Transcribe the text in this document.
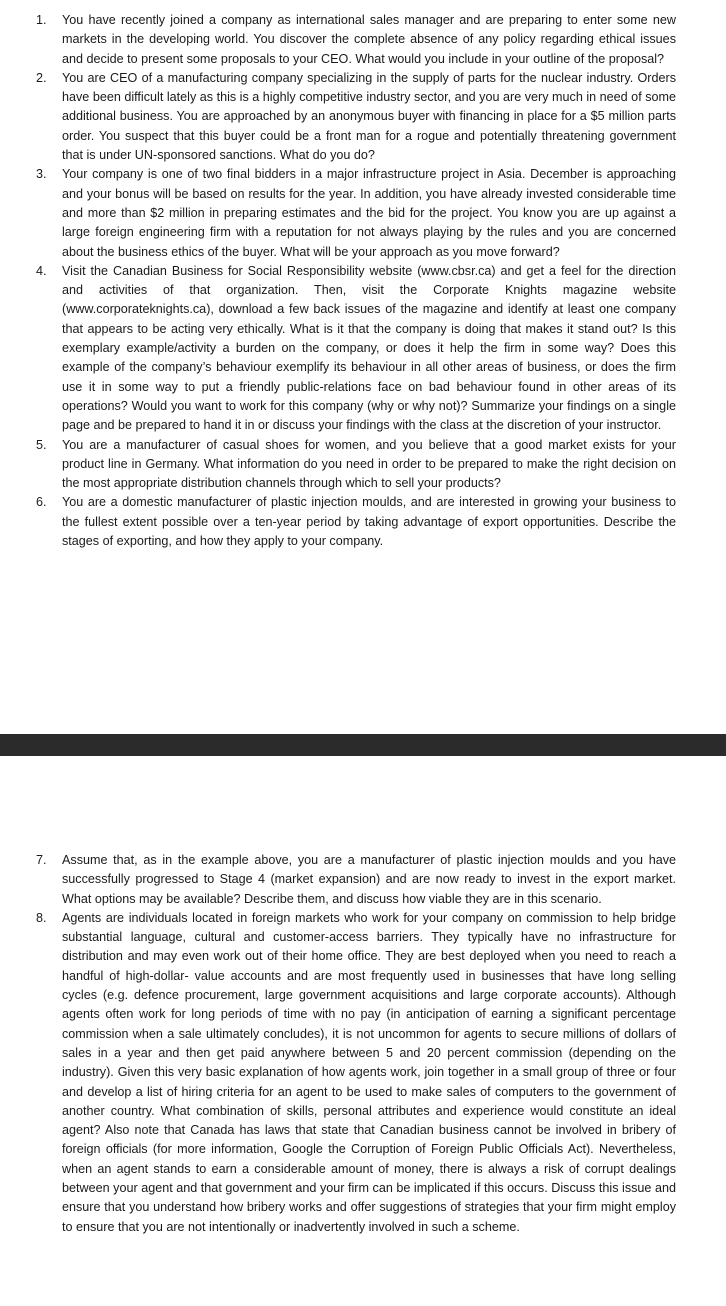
1. You have recently joined a company as international sales manager and are preparing to enter some new markets in the developing world. You discover the complete absence of any policy regarding ethical issues and decide to present some proposals to your CEO. What would you include in your outline of the proposal?
2. You are CEO of a manufacturing company specializing in the supply of parts for the nuclear industry. Orders have been difficult lately as this is a highly competitive industry sector, and you are very much in need of some additional business. You are approached by an anonymous buyer with financing in place for a $5 million parts order. You suspect that this buyer could be a front man for a rogue and potentially threatening government that is under UN-sponsored sanctions. What do you do?
3. Your company is one of two final bidders in a major infrastructure project in Asia. December is approaching and your bonus will be based on results for the year. In addition, you have already invested considerable time and more than $2 million in preparing estimates and the bid for the project. You know you are up against a large foreign engineering firm with a reputation for not always playing by the rules and you are concerned about the business ethics of the buyer. What will be your approach as you move forward?
4. Visit the Canadian Business for Social Responsibility website (www.cbsr.ca) and get a feel for the direction and activities of that organization. Then, visit the Corporate Knights magazine website (www.corporateknights.ca), download a few back issues of the magazine and identify at least one company that appears to be acting very ethically. What is it that the company is doing that makes it stand out? Is this exemplary example/activity a burden on the company, or does it help the firm in some way? Does this example of the company’s behaviour exemplify its behaviour in all other areas of business, or does the firm use it in some way to put a friendly public-relations face on bad behaviour found in other areas of its operations? Would you want to work for this company (why or why not)? Summarize your findings on a single page and be prepared to hand it in or discuss your findings with the class at the discretion of your instructor.
5. You are a manufacturer of casual shoes for women, and you believe that a good market exists for your product line in Germany. What information do you need in order to be prepared to make the right decision on the most appropriate distribution channels through which to sell your products?
6. You are a domestic manufacturer of plastic injection moulds, and are interested in growing your business to the fullest extent possible over a ten-year period by taking advantage of export opportunities. Describe the stages of exporting, and how they apply to your company.
7. Assume that, as in the example above, you are a manufacturer of plastic injection moulds and you have successfully progressed to Stage 4 (market expansion) and are now ready to invest in the export market. What options may be available? Describe them, and discuss how viable they are in this scenario.
8. Agents are individuals located in foreign markets who work for your company on commission to help bridge substantial language, cultural and customer-access barriers. They typically have no infrastructure for distribution and may even work out of their home office. They are best deployed when you need to reach a handful of high-dollar- value accounts and are most frequently used in businesses that have long selling cycles (e.g. defence procurement, large government acquisitions and large corporate accounts). Although agents often work for long periods of time with no pay (in anticipation of earning a significant percentage commission when a sale ultimately concludes), it is not uncommon for agents to secure millions of dollars of sales in a year and then get paid anywhere between 5 and 20 percent commission (depending on the industry). Given this very basic explanation of how agents work, join together in a small group of three or four and develop a list of hiring criteria for an agent to be used to make sales of computers to the government of another country. What combination of skills, personal attributes and experience would constitute an ideal agent? Also note that Canada has laws that state that Canadian business cannot be involved in bribery of foreign officials (for more information, Google the Corruption of Foreign Public Officials Act). Nevertheless, when an agent stands to earn a considerable amount of money, there is always a risk of corrupt dealings between your agent and that government and your firm can be implicated if this occurs. Discuss this issue and ensure that you understand how bribery works and offer suggestions of strategies that your firm might employ to ensure that you are not intentionally or inadvertently involved in such a scheme.
